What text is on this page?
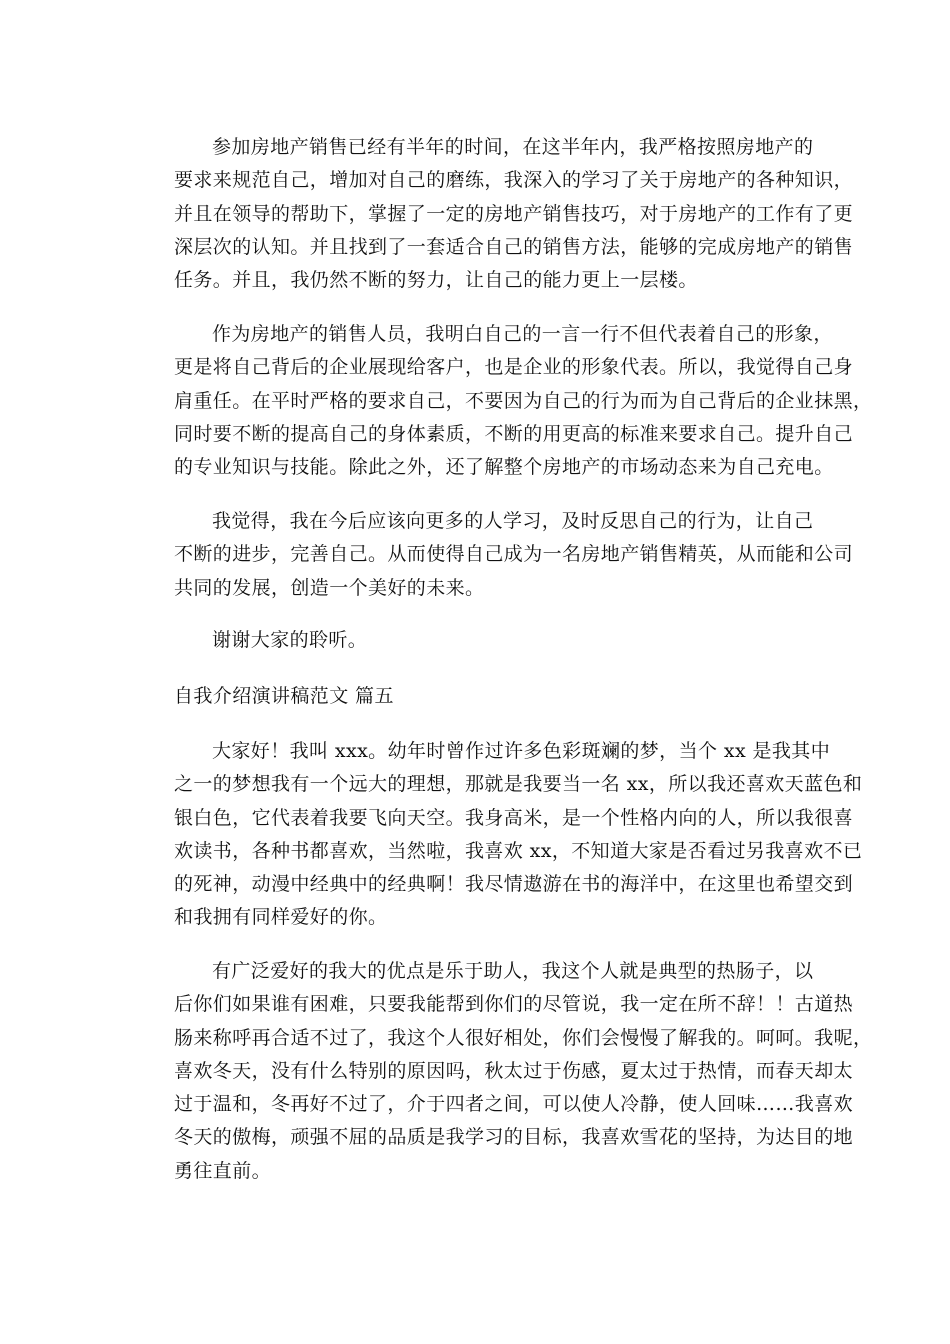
参加房地产销售已经有半年的时间，在这半年内，我严格按照房地产的
要求来规范自己，增加对自己的磨练，我深入的学习了关于房地产的各种知识，
并且在领导的帮助下，掌握了一定的房地产销售技巧，对于房地产的工作有了更
深层次的认知。并且找到了一套适合自己的销售方法，能够的完成房地产的销售
任务。并且，我仍然不断的努力，让自己的能力更上一层楼。
作为房地产的销售人员，我明白自己的一言一行不但代表着自己的形象，
更是将自己背后的企业展现给客户，也是企业的形象代表。所以，我觉得自己身
肩重任。在平时严格的要求自己，不要因为自己的行为而为自己背后的企业抹黑，
同时要不断的提高自己的身体素质，不断的用更高的标准来要求自己。提升自己
的专业知识与技能。除此之外，还了解整个房地产的市场动态来为自己充电。
我觉得，我在今后应该向更多的人学习，及时反思自己的行为，让自己
不断的进步，完善自己。从而使得自己成为一名房地产销售精英，从而能和公司
共同的发展，创造一个美好的未来。
谢谢大家的聆听。
自我介绍演讲稿范文 篇五
大家好！我叫 xxx。幼年时曾作过许多色彩斑斓的梦，当个 xx 是我其中
之一的梦想我有一个远大的理想，那就是我要当一名 xx，所以我还喜欢天蓝色和
银白色，它代表着我要飞向天空。我身高米，是一个性格内向的人，所以我很喜
欢读书，各种书都喜欢，当然啦，我喜欢 xx，不知道大家是否看过另我喜欢不已
的死神，动漫中经典中的经典啊！我尽情遨游在书的海洋中，在这里也希望交到
和我拥有同样爱好的你。
有广泛爱好的我大的优点是乐于助人，我这个人就是典型的热肠子，以
后你们如果谁有困难，只要我能帮到你们的尽管说，我一定在所不辞！！古道热
肠来称呼再合适不过了，我这个人很好相处，你们会慢慢了解我的。呵呵。我呢，
喜欢冬天，没有什么特别的原因吗，秋太过于伤感，夏太过于热情，而春天却太
过于温和，冬再好不过了，介于四者之间，可以使人冷静，使人回味……我喜欢
冬天的傲梅，顽强不屈的品质是我学习的目标，我喜欢雪花的坚持，为达目的地
勇往直前。
